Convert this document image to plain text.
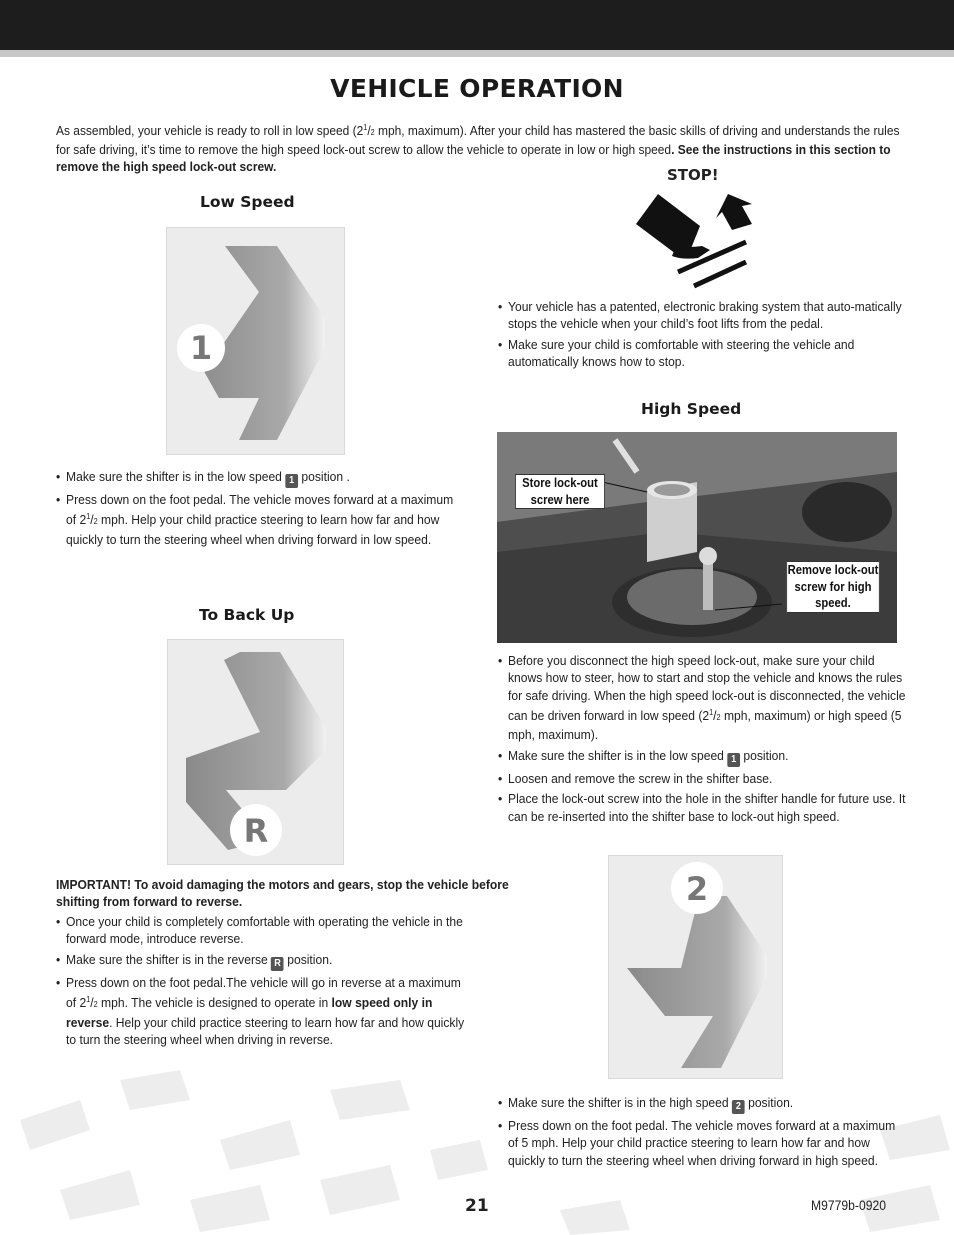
VEHICLE OPERATION

As assembled, your vehicle is ready to roll in low speed ($2^1/2$ mph, maximum). After your child has mastered the basic skills of driving and understands the rules for safe driving, it’s time to remove the high speed lock-out screw to allow the vehicle to operate in low or high speed. See the instructions in this section to remove the high speed lock-out screw.

Low Speed
1
• Make sure the shifter is in the low speed 1 position .
• Press down on the foot pedal. The vehicle moves forward at a maximum of $2^1/2$ mph. Help your child practice steering to learn how far and how quickly to turn the steering wheel when driving forward in low speed.
To Back Up
R

IMPORTANT! To avoid damaging the motors and gears, stop the vehicle before shifting from forward to reverse.

• Once your child is completely comfortable with operating the vehicle in the forward mode, introduce reverse.
• Make sure the shifter is in the reverse R position.
• Press down on the foot pedal.The vehicle will go in reverse at a maximum of $2^1/2$ mph. The vehicle is designed to operate in low speed only in reverse. Help your child practice steering to learn how far and how quickly to turn the steering wheel when driving in reverse.
STOP!
• Your vehicle has a patented, electronic braking system that auto-matically stops the vehicle when your child’s foot lifts from the pedal.
• Make sure your child is comfortable with steering the vehicle and automatically knows how to stop.
High Speed
Store lock-out screw here
Remove lock-out screw for high speed.
• Before you disconnect the high speed lock-out, make sure your child knows how to steer, how to start and stop the vehicle and knows the rules for safe driving. When the high speed lock-out is disconnected, the vehicle can be driven forward in low speed ($2^1/2$ mph, maximum) or high speed (5 mph, maximum).
• Make sure the shifter is in the low speed 1 position.
• Loosen and remove the screw in the shifter base.
• Place the lock-out screw into the hole in the shifter handle for future use. It can be re-inserted into the shifter base to lock-out high speed.
2
21	M9779b-0920
• Make sure the shifter is in the high speed 2 position.
• Press down on the foot pedal. The vehicle moves forward at a maximum of 5 mph. Help your child practice steering to learn how far and how quickly to turn the steering wheel when driving forward in high speed.
